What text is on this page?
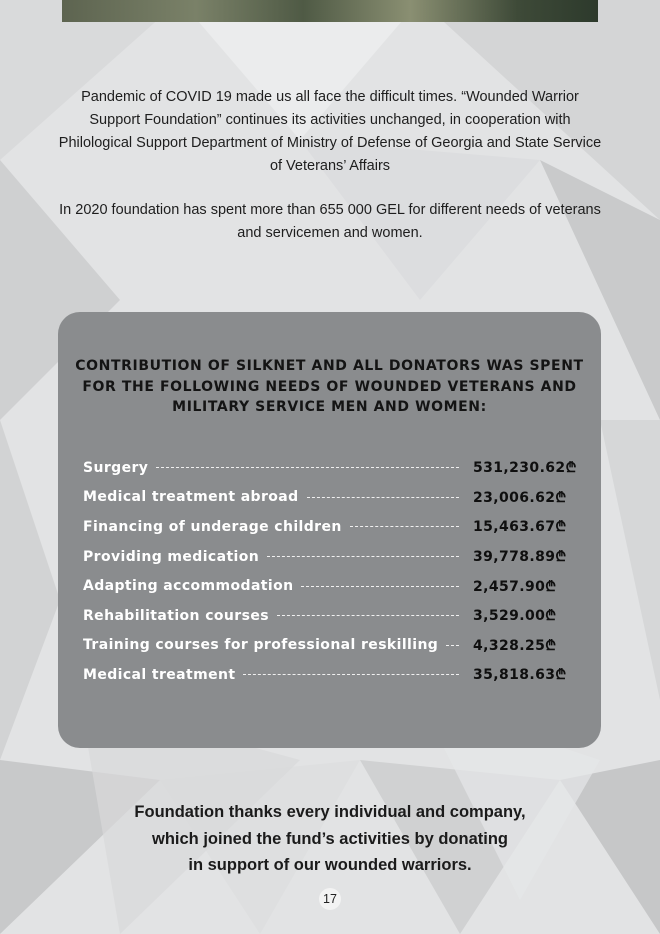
Pandemic of COVID 19 made us all face the difficult times. “Wounded Warrior Support Foundation” continues its activities unchanged, in cooperation with Philological Support Department of Ministry of Defense of Georgia and State Service of Veterans’ Affairs

In 2020 foundation has spent more than 655 000 GEL for different needs of veterans and servicemen and women.

CONTRIBUTION OF SILKNET AND ALL DONATORS WAS SPENT
FOR THE FOLLOWING NEEDS OF WOUNDED VETERANS AND
MILITARY SERVICE MEN AND WOMEN:
Surgery	531,230.62₾
Medical treatment abroad	23,006.62₾
Financing of underage children	15,463.67₾
Providing medication	39,778.89₾
Adapting accommodation	2,457.90₾
Rehabilitation courses	3,529.00₾
Training courses for professional reskilling 4,328.25₾
Medical treatment	35,818.63₾
Foundation thanks every individual and company,
which joined the fund’s activities by donating
in support of our wounded warriors.
17
